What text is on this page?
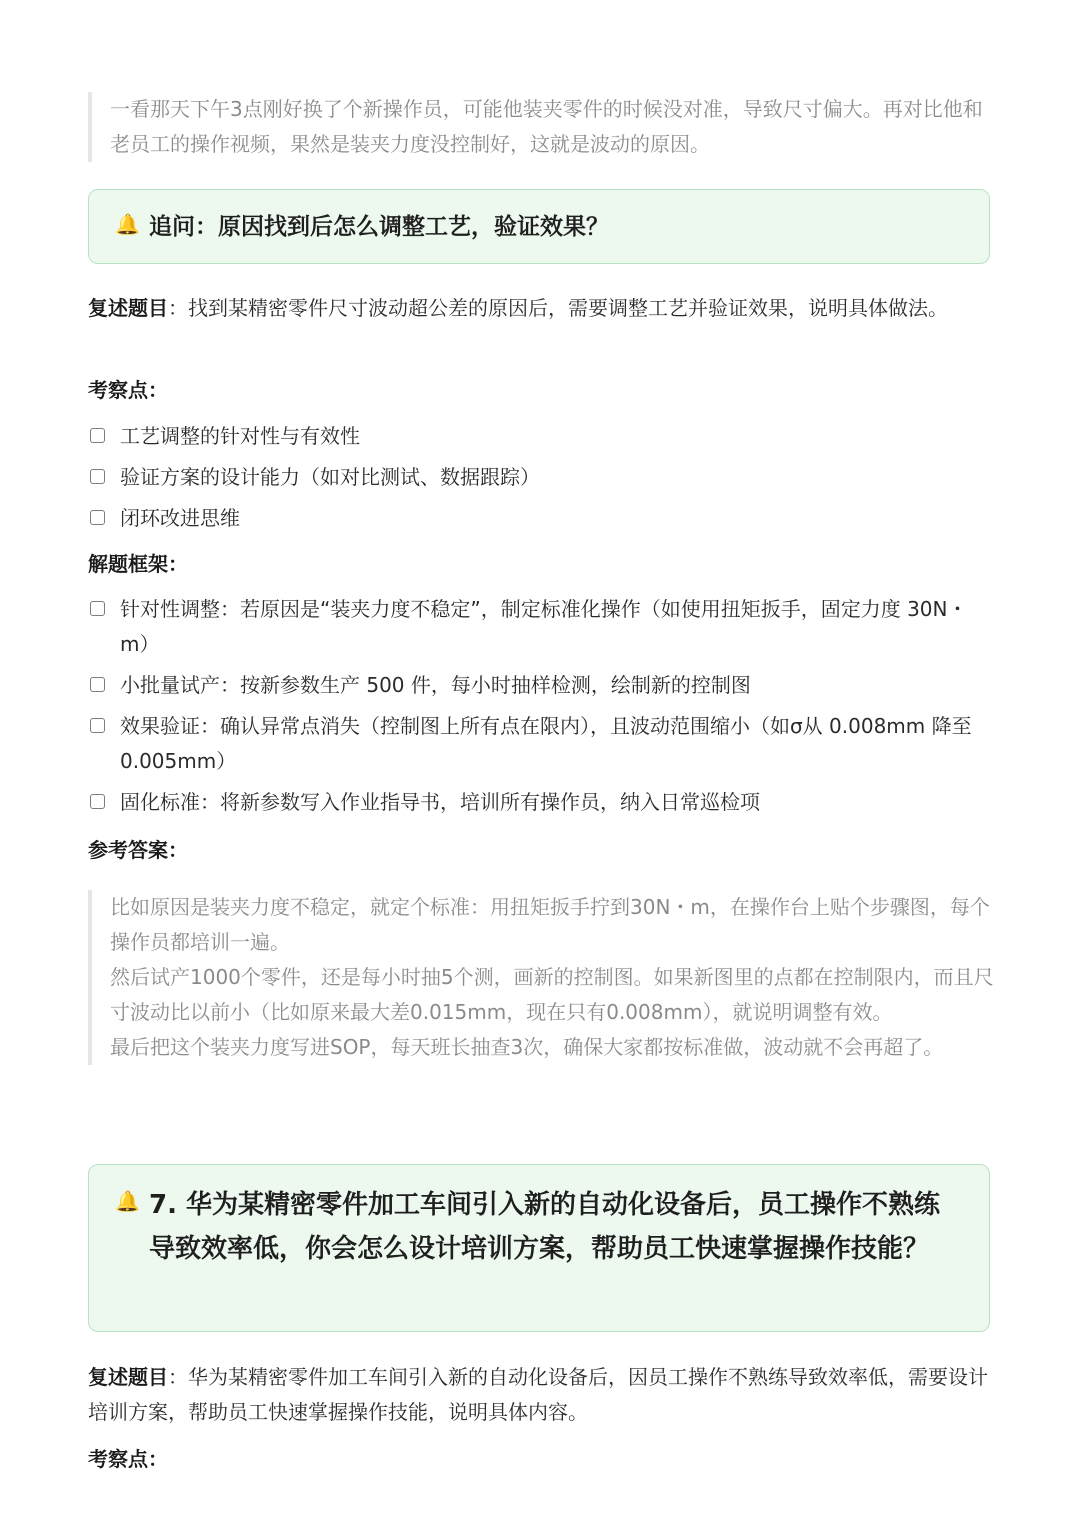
一看那天下午3点刚好换了个新操作员，可能他装夹零件的时候没对准，导致尺寸偏大。再对比他和老员工的操作视频，果然是装夹力度没控制好，这就是波动的原因。

🔔 追问：原因找到后怎么调整工艺，验证效果？
复述题目：找到某精密零件尺寸波动超公差的原因后，需要调整工艺并验证效果，说明具体做法。
考察点：
工艺调整的针对性与有效性
验证方案的设计能力（如对比测试、数据跟踪）
闭环改进思维
解题框架：
针对性调整：若原因是“装夹力度不稳定”，制定标准化操作（如使用扭矩扳手，固定力度 30N・m）
小批量试产：按新参数生产 500 件，每小时抽样检测，绘制新的控制图
效果验证：确认异常点消失（控制图上所有点在限内），且波动范围缩小（如σ从 0.008mm 降至 0.005mm）
固化标准：将新参数写入作业指导书，培训所有操作员，纳入日常巡检项
参考答案：

比如原因是装夹力度不稳定，就定个标准：用扭矩扳手拧到30N・m，在操作台上贴个步骤图，每个操作员都培训一遍。

然后试产1000个零件，还是每小时抽5个测，画新的控制图。如果新图里的点都在控制限内，而且尺寸波动比以前小（比如原来最大差0.015mm，现在只有0.008mm），就说明调整有效。

最后把这个装夹力度写进SOP，每天班长抽查3次，确保大家都按标准做，波动就不会再超了。

🔔 7. 华为某精密零件加工车间引入新的自动化设备后，员工操作不熟练导致效率低，你会怎么设计培训方案，帮助员工快速掌握操作技能？
复述题目：华为某精密零件加工车间引入新的自动化设备后，因员工操作不熟练导致效率低，需要设计培训方案，帮助员工快速掌握操作技能，说明具体内容。
考察点：
